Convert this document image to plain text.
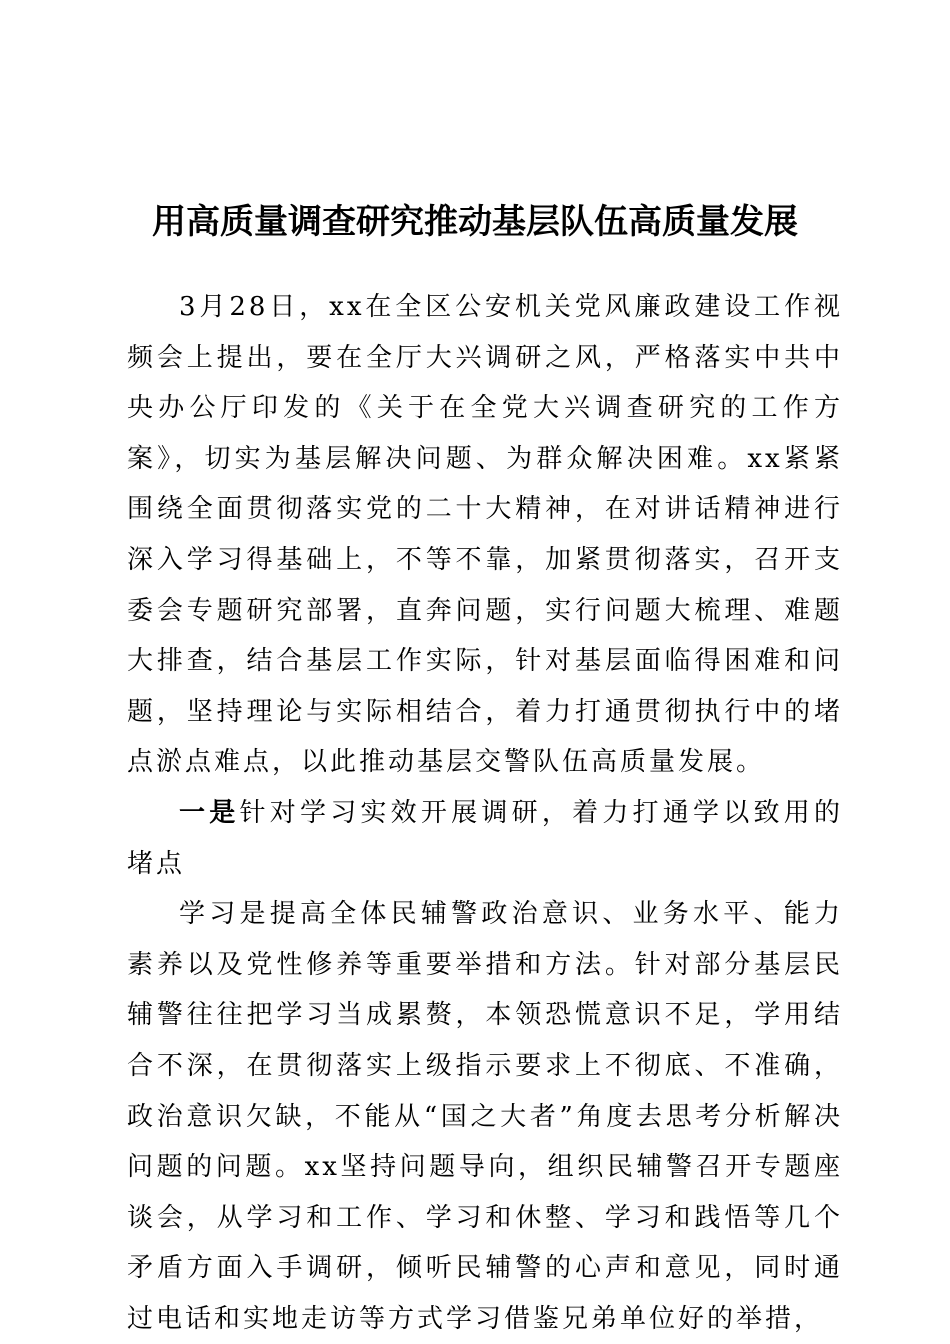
用高质量调查研究推动基层队伍高质量发展

3月28日，xx在全区公安机关党风廉政建设工作视频会上提出，要在全厅大兴调研之风，严格落实中共中央办公厅印发的《关于在全党大兴调查研究的工作方案》，切实为基层解决问题、为群众解决困难。xx紧紧围绕全面贯彻落实党的二十大精神，在对讲话精神进行深入学习得基础上，不等不靠，加紧贯彻落实，召开支委会专题研究部署，直奔问题，实行问题大梳理、难题大排查，结合基层工作实际，针对基层面临得困难和问题，坚持理论与实际相结合，着力打通贯彻执行中的堵点淤点难点，以此推动基层交警队伍高质量发展。

一是针对学习实效开展调研，着力打通学以致用的堵点

学习是提高全体民辅警政治意识、业务水平、能力素养以及党性修养等重要举措和方法。针对部分基层民辅警往往把学习当成累赘，本领恐慌意识不足，学用结合不深，在贯彻落实上级指示要求上不彻底、不准确，政治意识欠缺，不能从“国之大者”角度去思考分析解决问题的问题。xx坚持问题导向，组织民辅警召开专题座谈会，从学习和工作、学习和休整、学习和践悟等几个矛盾方面入手调研，倾听民辅警的心声和意见，同时通过电话和实地走访等方式学习借鉴兄弟单位好的举措，
